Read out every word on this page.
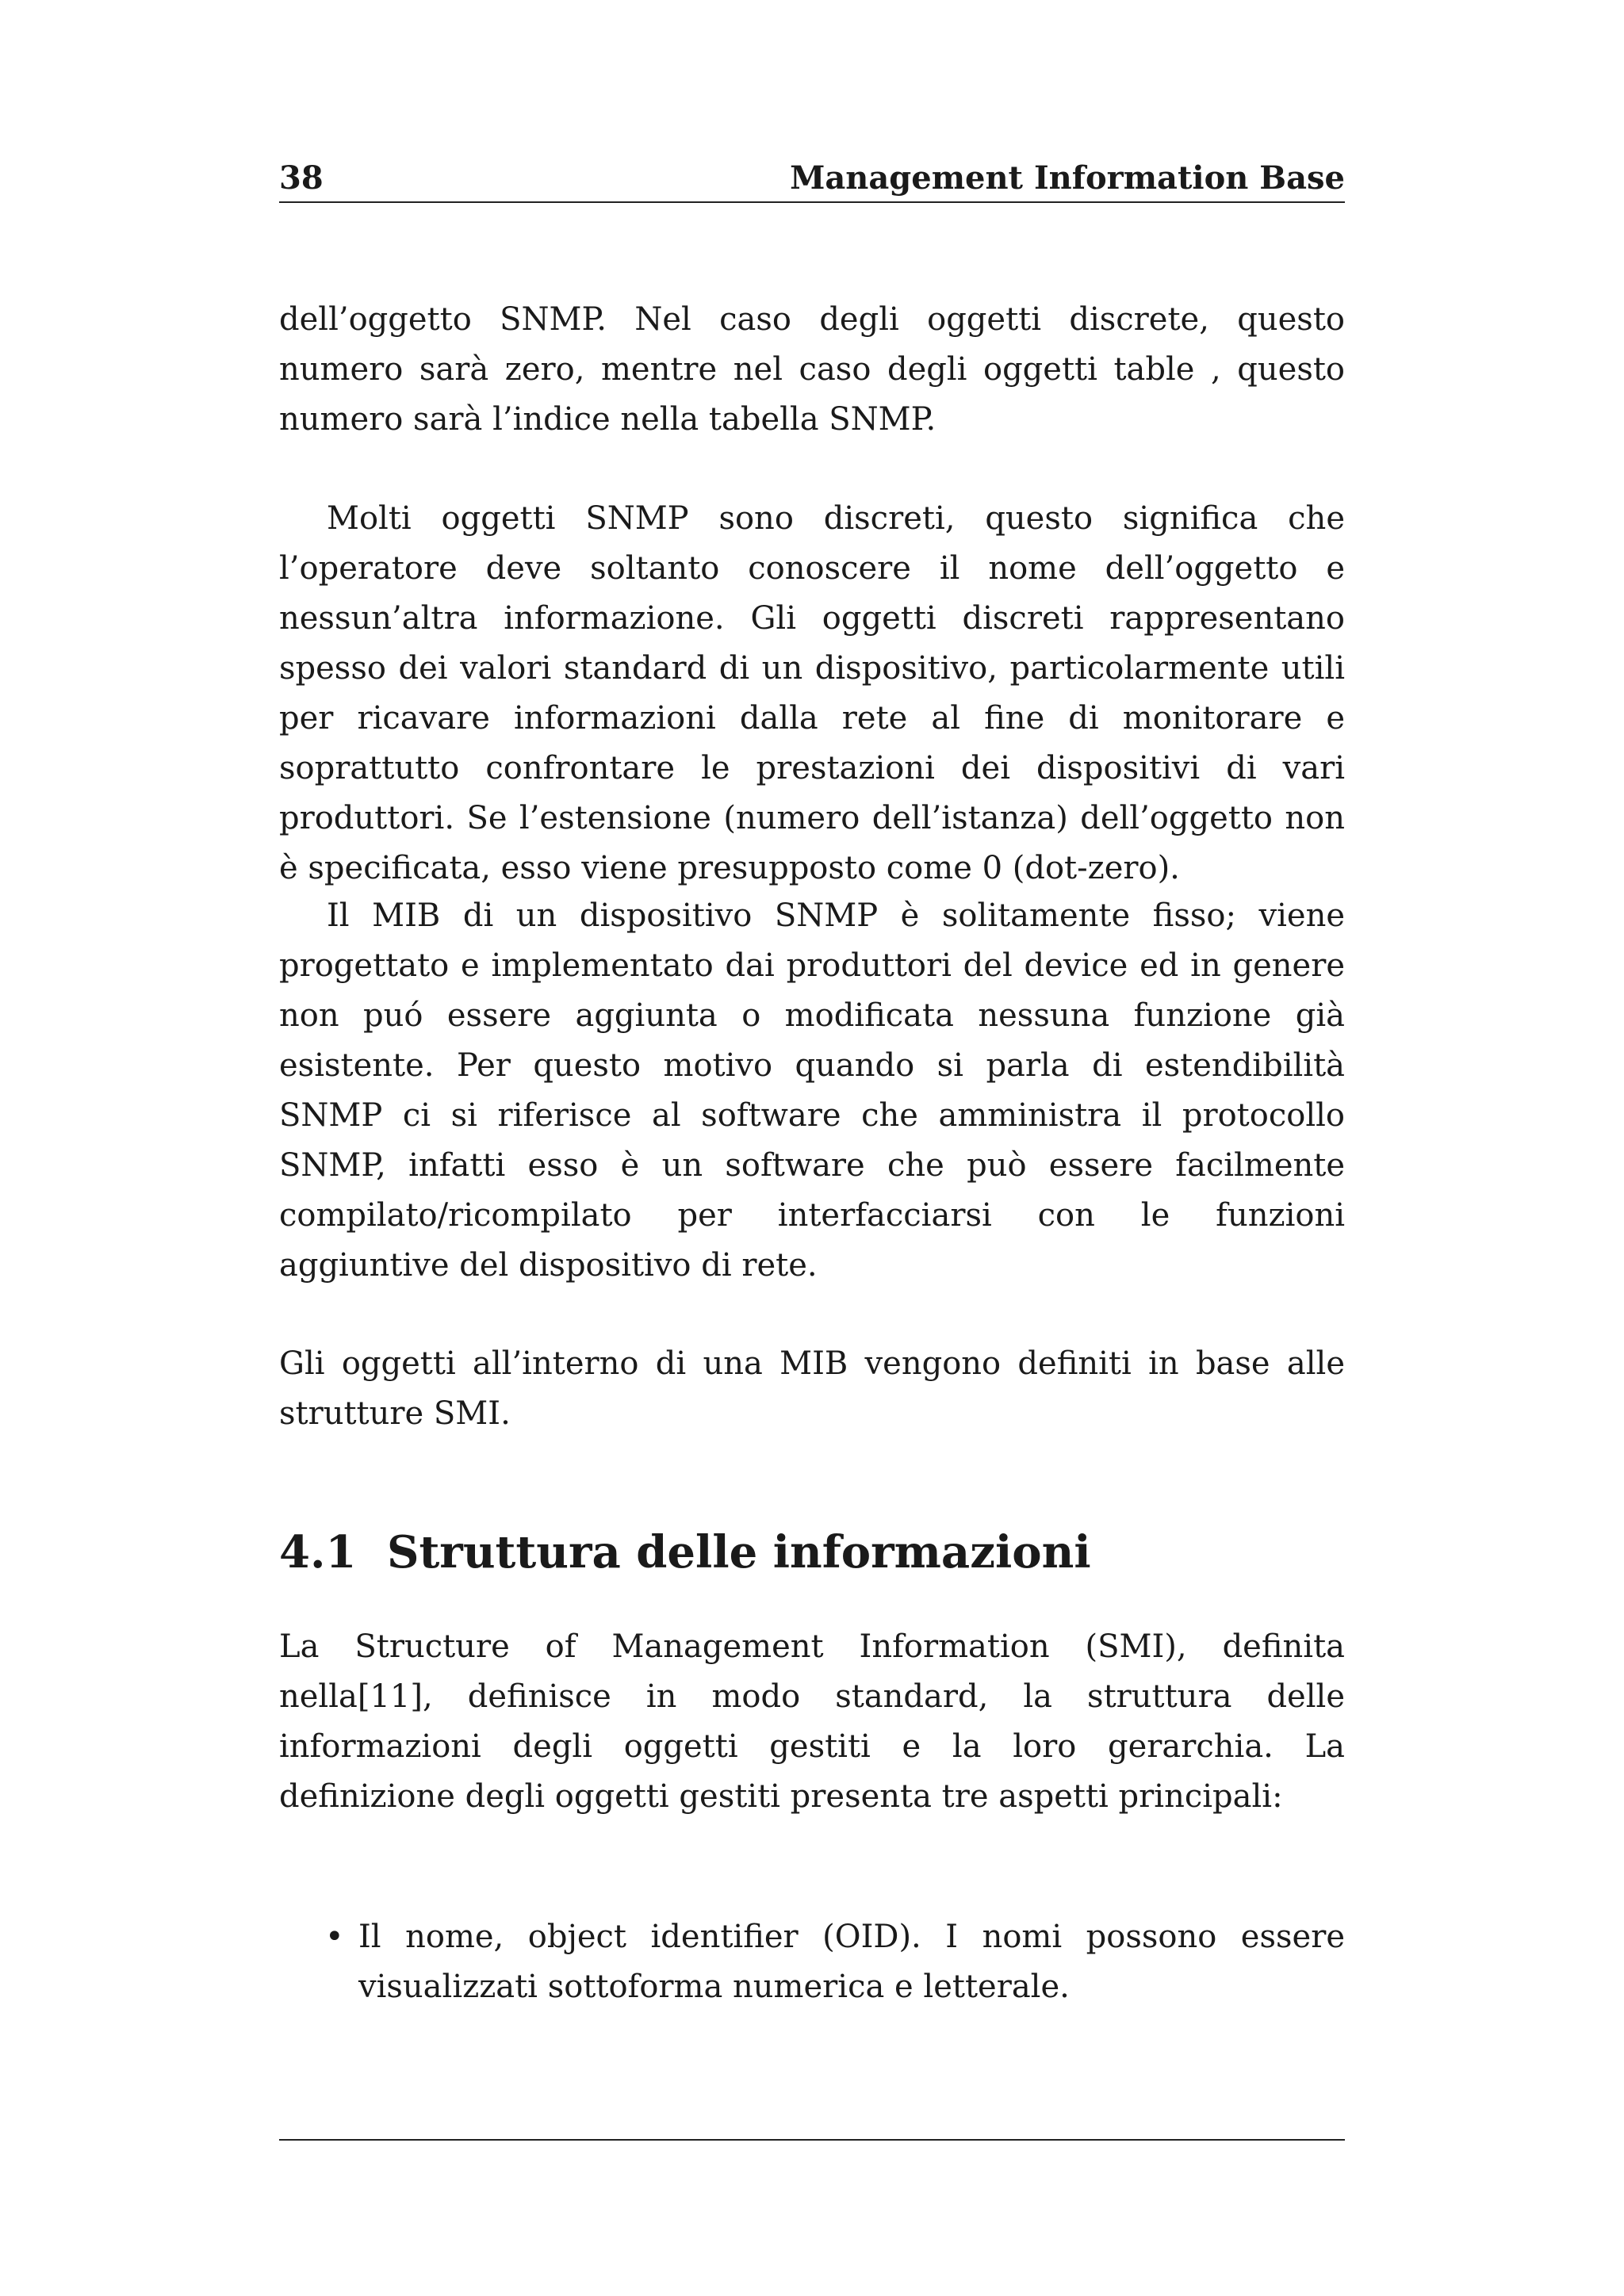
38	Management Information Base

dell’oggetto SNMP. Nel caso degli oggetti discrete, questo numero sarà zero, mentre nel caso degli oggetti table , questo numero sarà l’indice nella tabella SNMP.

Molti oggetti SNMP sono discreti, questo significa che l’operatore deve soltanto conoscere il nome dell’oggetto e nessun’altra informazione. Gli oggetti discreti rappresentano spesso dei valori standard di un dispositivo, particolarmente utili per ricavare informazioni dalla rete al fine di monitorare e soprattutto confrontare le prestazioni dei dispositivi di vari produttori. Se l’estensione (numero dell’istanza) dell’oggetto non è specificata, esso viene presupposto come 0 (dot-zero).

Il MIB di un dispositivo SNMP è solitamente fisso; viene progettato e implementato dai produttori del device ed in genere non puó essere aggiunta o modificata nessuna funzione già esistente. Per questo motivo quando si parla di estendibilità SNMP ci si riferisce al software che amministra il protocollo SNMP, infatti esso è un software che può essere facilmente compilato/ricompilato per interfacciarsi con le funzioni aggiuntive del dispositivo di rete.

Gli oggetti all’interno di una MIB vengono definiti in base alle strutture SMI.

4.1 Struttura delle informazioni

La Structure of Management Information (SMI), definita nella[11], definisce in modo standard, la struttura delle informazioni degli oggetti gestiti e la loro gerarchia. La definizione degli oggetti gestiti presenta tre aspetti principali:

• Il nome, object identifier (OID). I nomi possono essere visualizzati sottoforma numerica e letterale.
